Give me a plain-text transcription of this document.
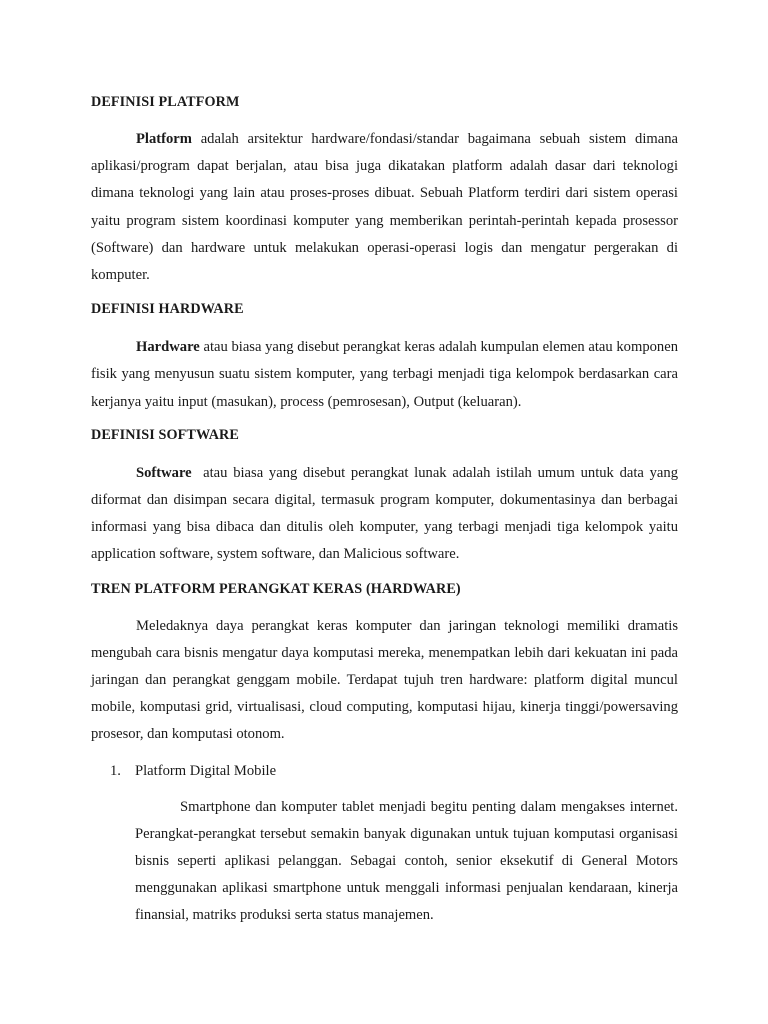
DEFINISI PLATFORM

Platform adalah arsitektur hardware/fondasi/standar bagaimana sebuah sistem dimana aplikasi/program dapat berjalan, atau bisa juga dikatakan platform adalah dasar dari teknologi dimana teknologi yang lain atau proses-proses dibuat. Sebuah Platform terdiri dari sistem operasi yaitu program sistem koordinasi komputer yang memberikan perintah-perintah kepada prosessor (Software) dan hardware untuk melakukan operasi-operasi logis dan mengatur pergerakan di komputer.

DEFINISI HARDWARE

Hardware atau biasa yang disebut perangkat keras adalah kumpulan elemen atau komponen fisik yang menyusun suatu sistem komputer, yang terbagi menjadi tiga kelompok berdasarkan cara kerjanya yaitu input (masukan), process (pemrosesan), Output (keluaran).

DEFINISI SOFTWARE

Software  atau biasa yang disebut perangkat lunak adalah istilah umum untuk data yang diformat dan disimpan secara digital, termasuk program komputer, dokumentasinya dan berbagai informasi yang bisa dibaca dan ditulis oleh komputer, yang terbagi menjadi tiga kelompok yaitu application software, system software, dan Malicious software.

TREN PLATFORM PERANGKAT KERAS (HARDWARE)

Meledaknya daya perangkat keras komputer dan jaringan teknologi memiliki dramatis mengubah cara bisnis mengatur daya komputasi mereka, menempatkan lebih dari kekuatan ini pada jaringan dan perangkat genggam mobile. Terdapat tujuh tren hardware: platform digital muncul mobile, komputasi grid, virtualisasi, cloud computing, komputasi hijau, kinerja tinggi/powersaving prosesor, dan komputasi otonom.

1. Platform Digital Mobile

Smartphone dan komputer tablet menjadi begitu penting dalam mengakses internet. Perangkat-perangkat tersebut semakin banyak digunakan untuk tujuan komputasi organisasi bisnis seperti aplikasi pelanggan. Sebagai contoh, senior eksekutif di General Motors menggunakan aplikasi smartphone untuk menggali informasi penjualan kendaraan, kinerja finansial, matriks produksi serta status manajemen.
